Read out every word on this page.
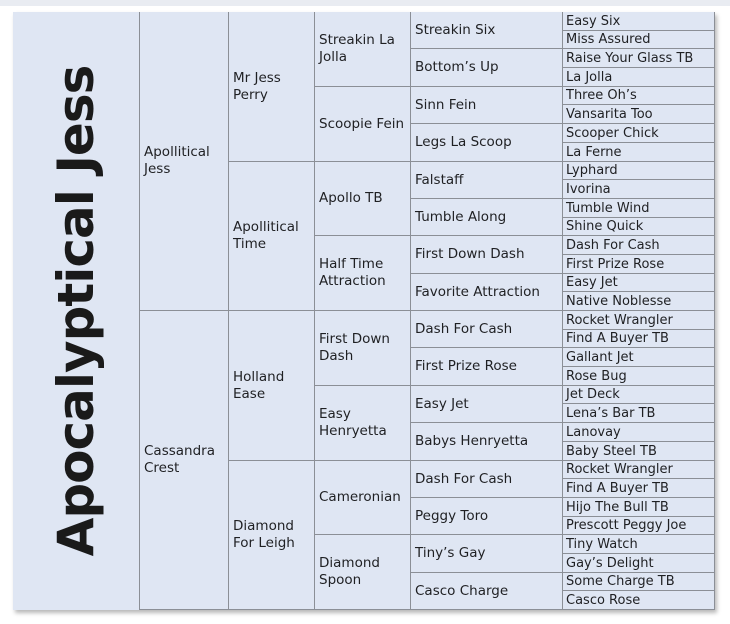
Apocalyptical Jess	Apollitical
Jess
Cassandra
Crest
Mr Jess
Perry
Apollitical
Time
Holland
Ease
Diamond
For Leigh
Streakin La
Jolla
Scoopie Fein
Apollo TB
Half Time
Attraction
First Down
Dash
Easy
Henryetta
Cameronian
Diamond
Spoon
Streakin Six
Bottom’s Up
Sinn Fein
Legs La Scoop
Falstaff
Tumble Along
First Down Dash
Favorite Attraction
Dash For Cash
First Prize Rose
Easy Jet
Babys Henryetta
Dash For Cash
Peggy Toro
Tiny’s Gay
Casco Charge
Easy Six
Miss Assured
Raise Your Glass TB
La Jolla
Three Oh’s
Vansarita Too
Scooper Chick
La Ferne
Lyphard
Ivorina
Tumble Wind
Shine Quick
Dash For Cash
First Prize Rose
Easy Jet
Native Noblesse
Rocket Wrangler
Find A Buyer TB
Gallant Jet
Rose Bug
Jet Deck
Lena’s Bar TB
Lanovay
Baby Steel TB
Rocket Wrangler
Find A Buyer TB
Hijo The Bull TB
Prescott Peggy Joe
Tiny Watch
Gay’s Delight
Some Charge TB
Casco Rose
